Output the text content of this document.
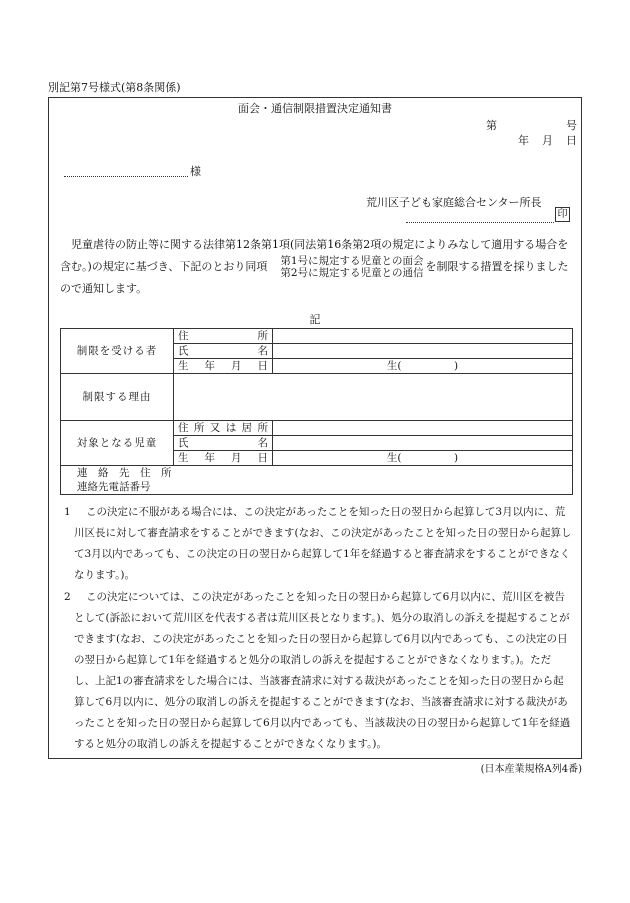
別記第7号様式(第8条関係)
面会・通信制限措置決定通知書
第	号
年 月 日
様
荒川区子ども家庭総合センター所長
印
児童虐待の防止等に関する法律第12条第1項(同法第16条第2項の規定によりみなして適用する場合を含む。)の規定に基づき、下記のとおり同項	第1号に規定する児童との面会
第2号に規定する児童との通信 を制限する措置を採りましたので通知します。
記
制限を受ける者	住　　　所	
	氏　　　名	
	生　年　月　日	生(　　　　　)
制限する理由		
対象となる児童	住所又は居所	
	氏　　　名	
	生　年　月　日	生(　　　　　)

連　絡　先　住　所
連絡先電話番号		
1	この決定に不服がある場合には、この決定があったことを知った日の翌日から起算して3月以内に、荒川区長に対して審査請求をすることができます(なお、この決定があったことを知った日の翌日から起算して3月以内であっても、この決定の日の翌日から起算して1年を経過すると審査請求をすることができなくなります。)。
2	この決定については、この決定があったことを知った日の翌日から起算して6月以内に、荒川区を被告として(訴訟において荒川区を代表する者は荒川区長となります。)、処分の取消しの訴えを提起することができます(なお、この決定があったことを知った日の翌日から起算して6月以内であっても、この決定の日の翌日から起算して1年を経過すると処分の取消しの訴えを提起することができなくなります。)。ただし、上記1の審査請求をした場合には、当該審査請求に対する裁決があったことを知った日の翌日から起算して6月以内に、処分の取消しの訴えを提起することができます(なお、当該審査請求に対する裁決があったことを知った日の翌日から起算して6月以内であっても、当該裁決の日の翌日から起算して1年を経過すると処分の取消しの訴えを提起することができなくなります。)。
(日本産業規格A列4番)
